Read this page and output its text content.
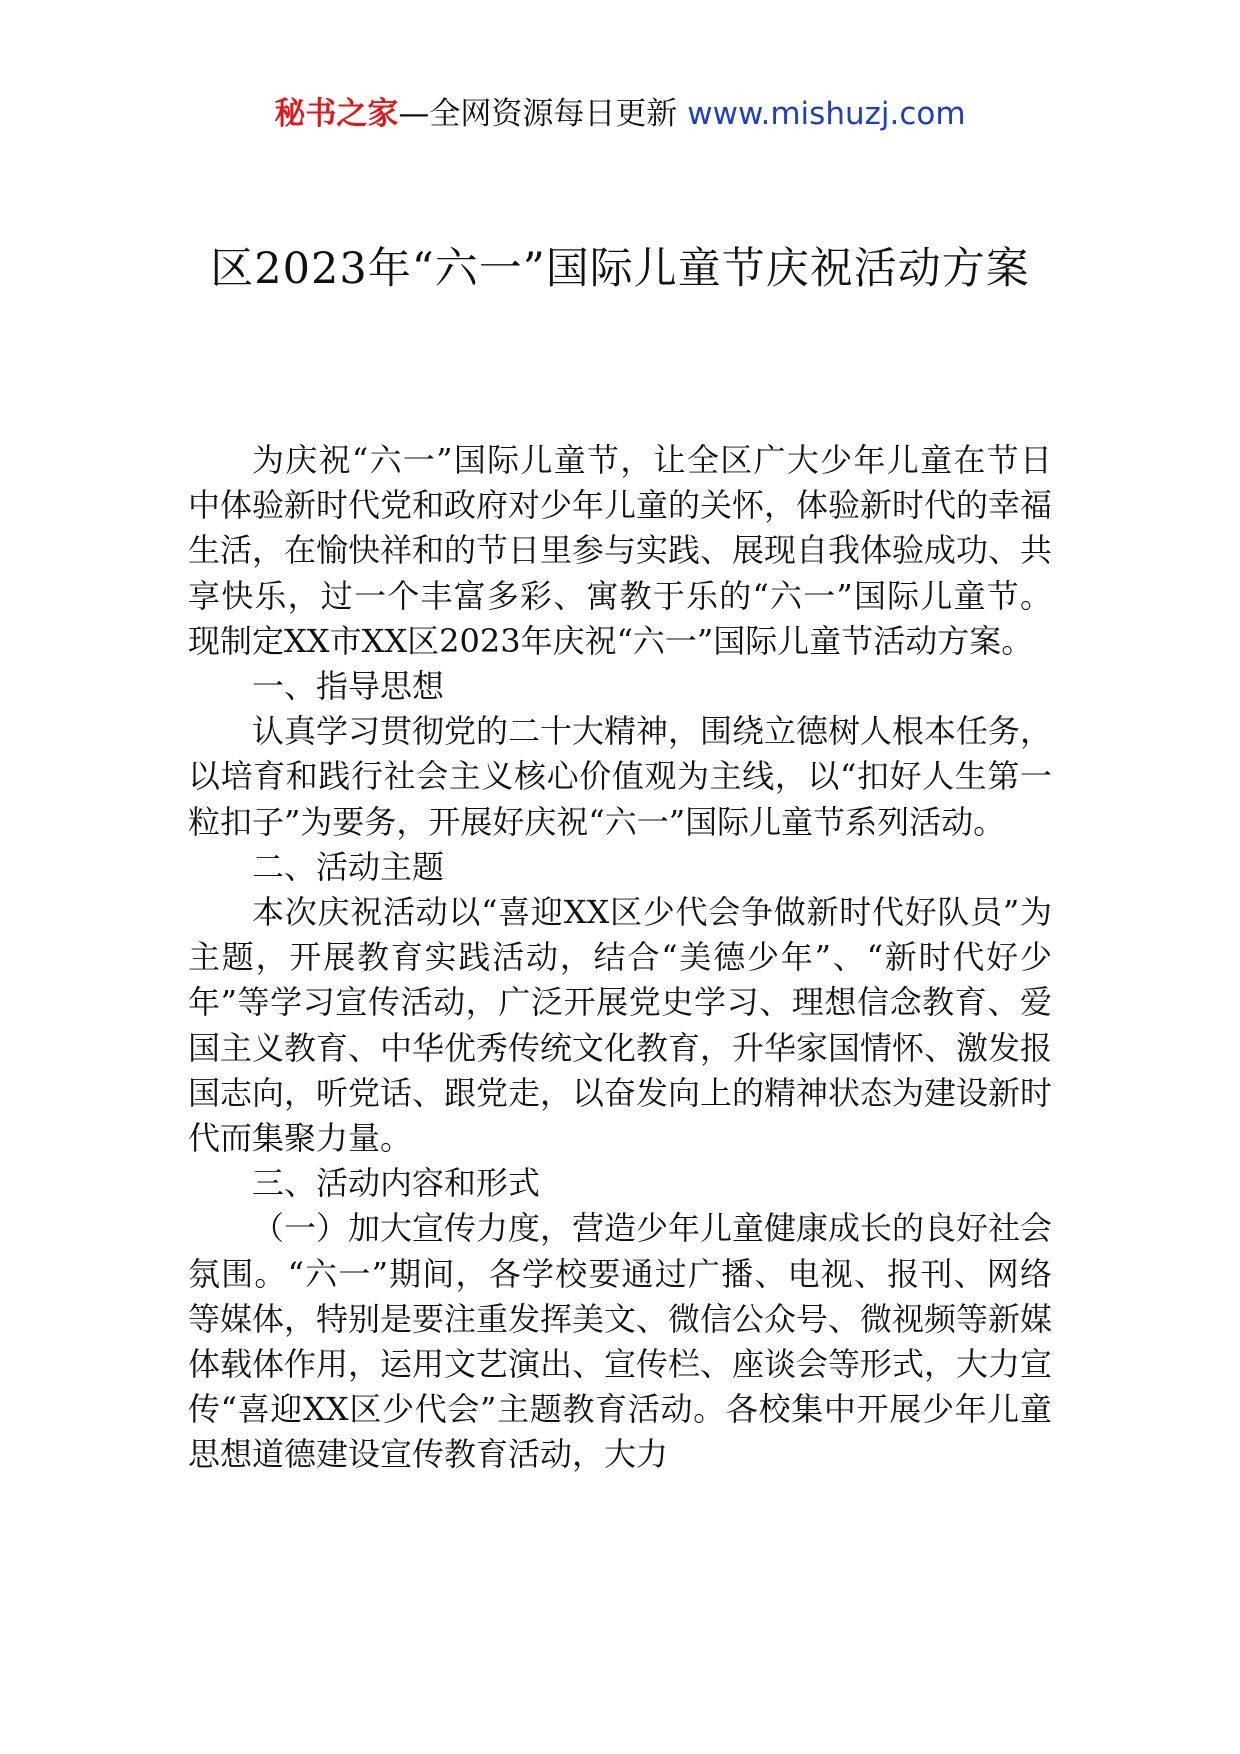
秘书之家—全网资源每日更新 www.mishuzj.com
区2023年“六一”国际儿童节庆祝活动方案

为庆祝“六一”国际儿童节，让全区广大少年儿童在节日中体验新时代党和政府对少年儿童的关怀，体验新时代的幸福生活，在愉快祥和的节日里参与实践、展现自我体验成功、共享快乐，过一个丰富多彩、寓教于乐的“六一”国际儿童节。现制定XX市XX区2023年庆祝“六一”国际儿童节活动方案。

一、指导思想

认真学习贯彻党的二十大精神，围绕立德树人根本任务，以培育和践行社会主义核心价值观为主线，以“扣好人生第一粒扣子”为要务，开展好庆祝“六一”国际儿童节系列活动。

二、活动主题

本次庆祝活动以“喜迎XX区少代会争做新时代好队员”为主题，开展教育实践活动，结合“美德少年”、“新时代好少年”等学习宣传活动，广泛开展党史学习、理想信念教育、爱国主义教育、中华优秀传统文化教育，升华家国情怀、激发报国志向，听党话、跟党走，以奋发向上的精神状态为建设新时代而集聚力量。

三、活动内容和形式

（一）加大宣传力度，营造少年儿童健康成长的良好社会氛围。“六一”期间，各学校要通过广播、电视、报刊、网络等媒体，特别是要注重发挥美文、微信公众号、微视频等新媒体载体作用，运用文艺演出、宣传栏、座谈会等形式，大力宣传“喜迎XX区少代会”主题教育活动。各校集中开展少年儿童思想道德建设宣传教育活动，大力
